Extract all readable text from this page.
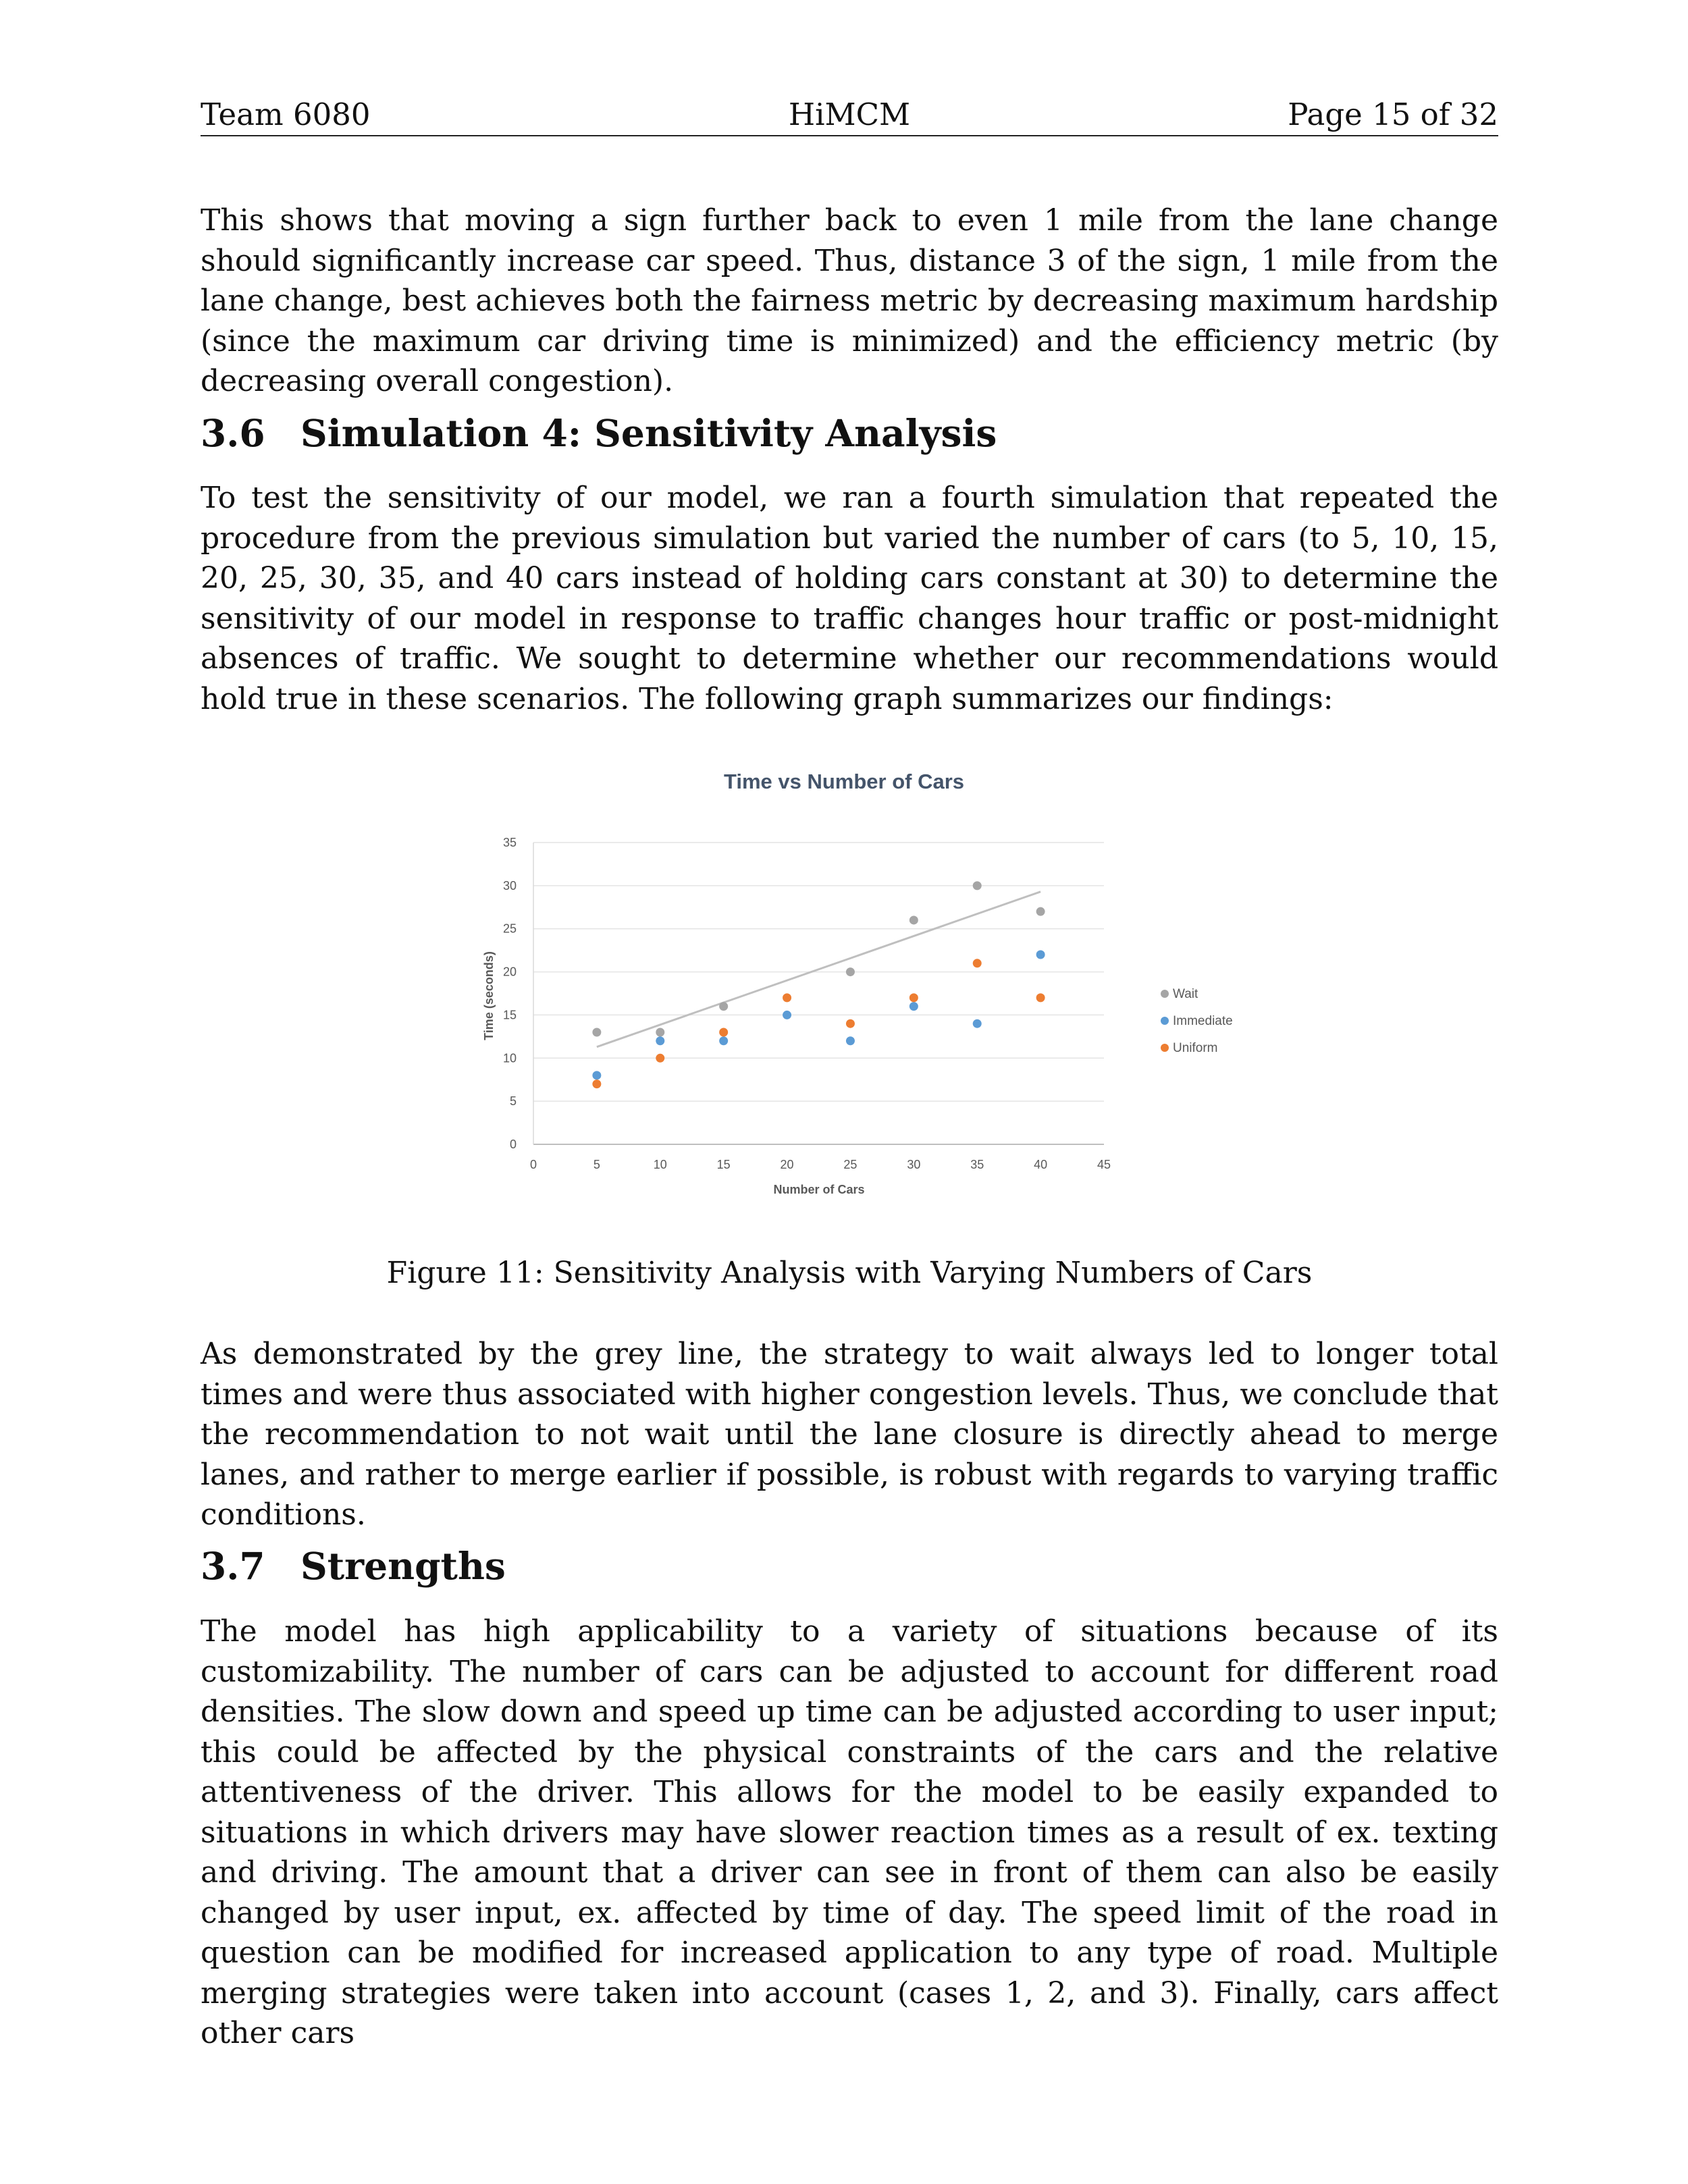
Team 6080	HiMCM	Page 15 of 32

This shows that moving a sign further back to even 1 mile from the lane change should significantly increase car speed. Thus, distance 3 of the sign, 1 mile from the lane change, best achieves both the fairness metric by decreasing maximum hardship (since the maximum car driving time is minimized) and the efficiency metric (by decreasing overall congestion).

3.6 Simulation 4: Sensitivity Analysis

To test the sensitivity of our model, we ran a fourth simulation that repeated the procedure from the previous simulation but varied the number of cars (to 5, 10, 15, 20, 25, 30, 35, and 40 cars instead of holding cars constant at 30) to determine the sensitivity of our model in response to traffic changes hour traffic or post-midnight absences of traffic. We sought to determine whether our recommendations would hold true in these scenarios. The following graph summarizes our findings:

Time vs Number of Cars
0
5
10
15
20
25
30
35
0	5	10	15	20	25	30	35	40	45
Wait
Immediate
Uniform
Number of Cars
Time (seconds)
Figure 11: Sensitivity Analysis with Varying Numbers of Cars

As demonstrated by the grey line, the strategy to wait always led to longer total times and were thus associated with higher congestion levels. Thus, we conclude that the recommendation to not wait until the lane closure is directly ahead to merge lanes, and rather to merge earlier if possible, is robust with regards to varying traffic conditions.

3.7 Strengths

The model has high applicability to a variety of situations because of its customizability. The number of cars can be adjusted to account for different road densities. The slow down and speed up time can be adjusted according to user input; this could be affected by the physical constraints of the cars and the relative attentiveness of the driver. This allows for the model to be easily expanded to situations in which drivers may have slower reaction times as a result of ex. texting and driving. The amount that a driver can see in front of them can also be easily changed by user input, ex. affected by time of day. The speed limit of the road in question can be modified for increased application to any type of road. Multiple merging strategies were taken into account (cases 1, 2, and 3). Finally, cars affect other cars
